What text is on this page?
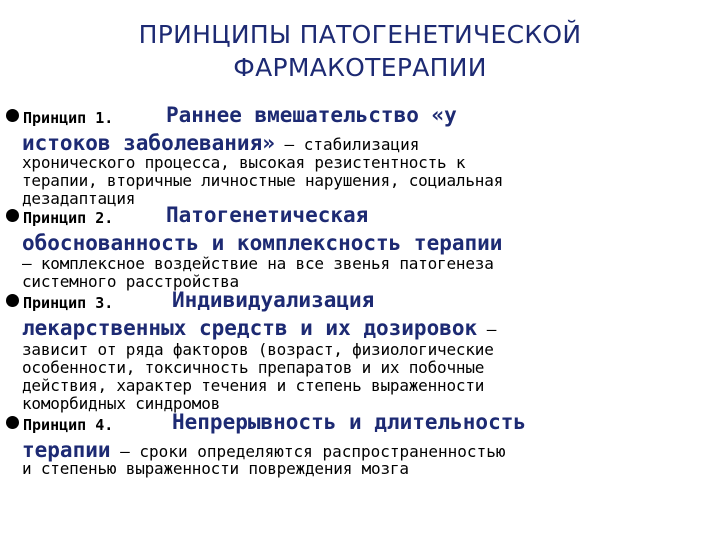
ПРИНЦИПЫ ПАТОГЕНЕТИЧЕСКОЙ
ФАРМАКОТЕРАПИИ
Принцип 1.	Раннее вмешательство «у
истоков заболевания» – стабилизация
хронического процесса, высокая резистентность к
терапии, вторичные личностные нарушения, социальная
дезадаптация
Принцип 2.	Патогенетическая
обоснованность и комплексность терапии
– комплексное воздействие на все звенья патогенеза
системного расстройства
Принцип 3.	Индивидуализация
лекарственных средств и их дозировок –
зависит от ряда факторов (возраст, физиологические
особенности, токсичность препаратов и их побочные
действия, характер течения и степень выраженности
коморбидных синдромов
Принцип 4.	Непрерывность и длительность
терапии – сроки определяются распространенностью
и степенью выраженности повреждения мозга
